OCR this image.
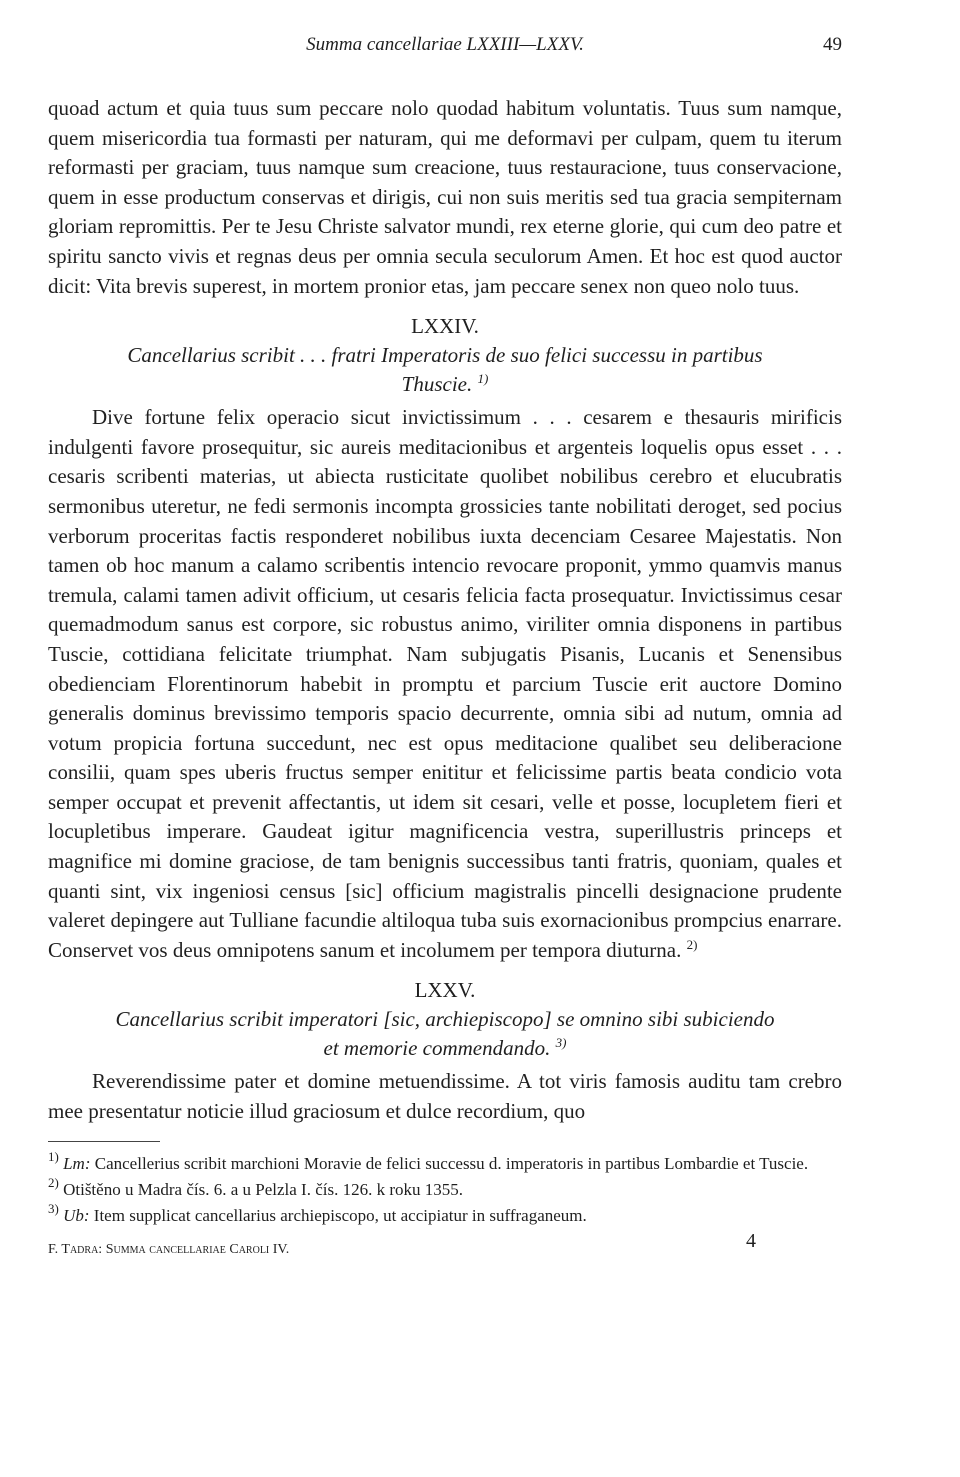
Summa cancellariae LXXIII—LXXV.	49

quoad actum et quia tuus sum peccare nolo quodad habitum voluntatis. Tuus sum namque, quem misericordia tua formasti per naturam, qui me deformavi per culpam, quem tu iterum reformasti per graciam, tuus namque sum creacione, tuus restauracione, tuus conservacione, quem in esse productum conservas et dirigis, cui non suis meritis sed tua gracia sempiternam gloriam repromittis. Per te Jesu Christe salvator mundi, rex eterne glorie, qui cum deo patre et spiritu sancto vivis et regnas deus per omnia secula seculorum Amen. Et hoc est quod auctor dicit: Vita brevis superest, in mortem pronior etas, jam peccare senex non queo nolo tuus.

LXXIV.
Cancellarius scribit . . . fratri Imperatoris de suo felici successu in partibus
Thuscie. $^{1)}$

Dive fortune felix operacio sicut invictissimum . . . cesarem e thesauris mirificis indulgenti favore prosequitur, sic aureis meditacionibus et argenteis loquelis opus esset . . . cesaris scribenti materias, ut abiecta rusticitate quolibet nobilibus cerebro et elucubratis sermonibus uteretur, ne fedi sermonis incompta grossicies tante nobilitati deroget, sed pocius verborum proceritas factis responderet nobilibus iuxta decenciam Cesaree Majestatis. Non tamen ob hoc manum a calamo scribentis intencio revocare proponit, ymmo quamvis manus tremula, calami tamen adivit officium, ut cesaris felicia facta prosequatur. Invictissimus cesar quemadmodum sanus est corpore, sic robustus animo, viriliter omnia disponens in partibus Tuscie, cottidiana felicitate triumphat. Nam subjugatis Pisanis, Lucanis et Senensibus obedienciam Florentinorum habebit in promptu et parcium Tuscie erit auctore Domino generalis dominus brevissimo temporis spacio decurrente, omnia sibi ad nutum, omnia ad votum propicia fortuna succedunt, nec est opus meditacione qualibet seu deliberacione consilii, quam spes uberis fructus semper enititur et felicissime partis beata condicio vota semper occupat et prevenit affectantis, ut idem sit cesari, velle et posse, locupletem fieri et locupletibus imperare. Gaudeat igitur magnificencia vestra, superillustris princeps et magnifice mi domine graciose, de tam benignis successibus tanti fratris, quoniam, quales et quanti sint, vix ingeniosi census [sic] officium magistralis pincelli designacione prudente valeret depingere aut Tulliane facundie altiloqua tuba suis exornacionibus prompcius enarrare. Conservet vos deus omnipotens sanum et incolumem per tempora diuturna. $^{2)}$

LXXV.
Cancellarius scribit imperatori [sic, archiepiscopo] se omnino sibi subiciendo
et memorie commendando. $^{3)}$

Reverendissime pater et domine metuendissime. A tot viris famosis auditu tam crebro mee presentatur noticie illud graciosum et dulce recordium, quo

$^{1)}$ Lm: Cancellerius scribit marchioni Moravie de felici successu d. imperatoris in partibus Lombardie et Tuscie.

$^{2)}$ Otištěno u Madra čís. 6. a u Pelzla I. čís. 126. k roku 1355.

$^{3)}$ Ub: Item supplicat cancellarius archiepiscopo, ut accipiatur in suffraganeum.

F. Tadra: Summa cancellariae Caroli IV.	4
